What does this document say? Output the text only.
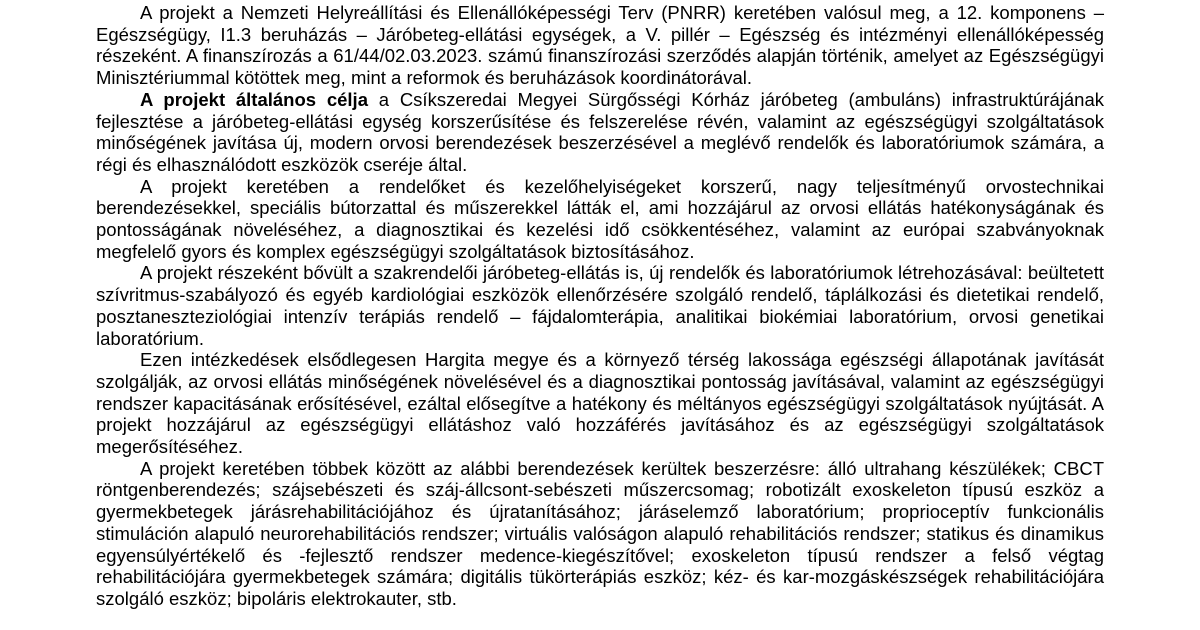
A projekt a Nemzeti Helyreállítási és Ellenállóképességi Terv (PNRR) keretében valósul meg, a 12. komponens – Egészségügy, I1.3 beruházás – Járóbeteg-ellátási egységek, a V. pillér – Egészség és intézményi ellenállóképesség részeként. A finanszírozás a 61/44/02.03.2023. számú finanszírozási szerződés alapján történik, amelyet az Egészségügyi Minisztériummal kötöttek meg, mint a reformok és beruházások koordinátorával.

A projekt általános célja a Csíkszeredai Megyei Sürgősségi Kórház járóbeteg (ambuláns) infrastruktúrájának fejlesztése a járóbeteg-ellátási egység korszerűsítése és felszerelése révén, valamint az egészségügyi szolgáltatások minőségének javítása új, modern orvosi berendezések beszerzésével a meglévő rendelők és laboratóriumok számára, a régi és elhasználódott eszközök cseréje által.

A projekt keretében a rendelőket és kezelőhelyiségeket korszerű, nagy teljesítményű orvostechnikai berendezésekkel, speciális bútorzattal és műszerekkel látták el, ami hozzájárul az orvosi ellátás hatékonyságának és pontosságának növeléséhez, a diagnosztikai és kezelési idő csökkentéséhez, valamint az európai szabványoknak megfelelő gyors és komplex egészségügyi szolgáltatások biztosításához.

A projekt részeként bővült a szakrendelői járóbeteg-ellátás is, új rendelők és laboratóriumok létrehozásával: beültetett szívritmus-szabályozó és egyéb kardiológiai eszközök ellenőrzésére szolgáló rendelő, táplálkozási és dietetikai rendelő, posztaneszteziológiai intenzív terápiás rendelő – fájdalomterápia, analitikai biokémiai laboratórium, orvosi genetikai laboratórium.

Ezen intézkedések elsődlegesen Hargita megye és a környező térség lakossága egészségi állapotának javítását szolgálják, az orvosi ellátás minőségének növelésével és a diagnosztikai pontosság javításával, valamint az egészségügyi rendszer kapacitásának erősítésével, ezáltal elősegítve a hatékony és méltányos egészségügyi szolgáltatások nyújtását. A projekt hozzájárul az egészségügyi ellátáshoz való hozzáférés javításához és az egészségügyi szolgáltatások megerősítéséhez.

A projekt keretében többek között az alábbi berendezések kerültek beszerzésre: álló ultrahang készülékek; CBCT röntgenberendezés; szájsebészeti és száj-állcsont-sebészeti műszercsomag; robotizált exoskeleton típusú eszköz a gyermekbetegek járásrehabilitációjához és újratanításához; járáselemző laboratórium; proprioceptív funkcionális stimuláción alapuló neurorehabilitációs rendszer; virtuális valóságon alapuló rehabilitációs rendszer; statikus és dinamikus egyensúlyértékelő és -fejlesztő rendszer medence-kiegészítővel; exoskeleton típusú rendszer a felső végtag rehabilitációjára gyermekbetegek számára; digitális tükörterápiás eszköz; kéz- és kar-mozgáskészségek rehabilitációjára szolgáló eszköz; bipoláris elektrokauter, stb.
